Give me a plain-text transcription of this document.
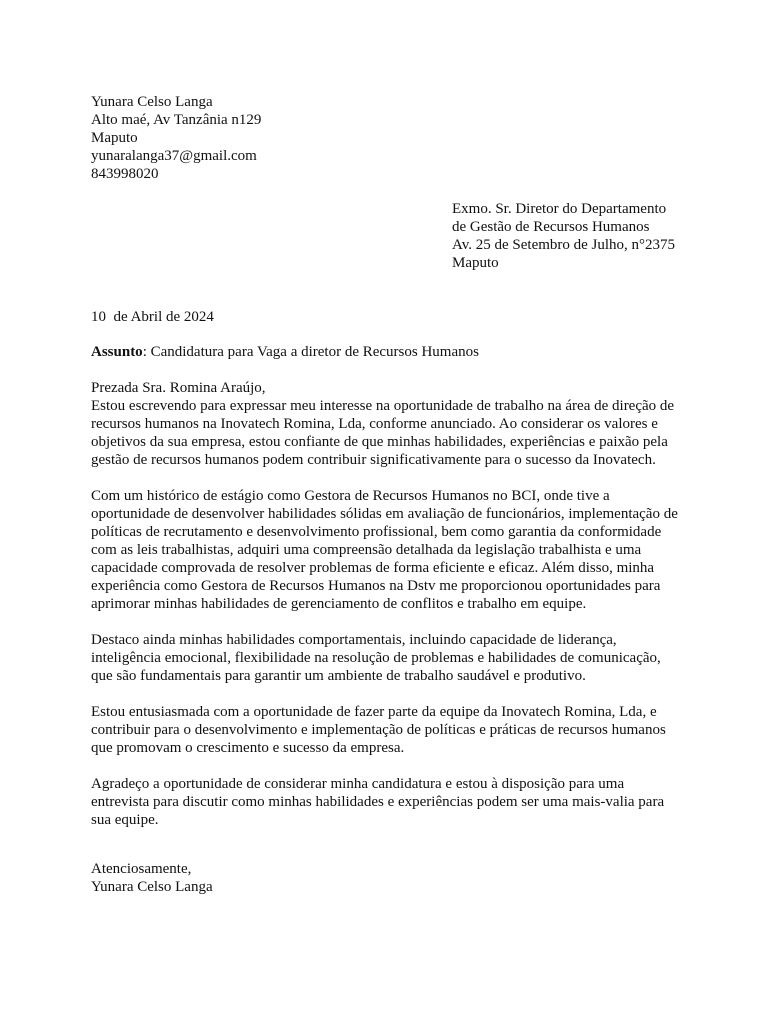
Yunara Celso Langa
Alto maé, Av Tanzânia n129
Maputo
yunaralanga37@gmail.com
843998020
Exmo. Sr. Diretor do Departamento
de Gestão de Recursos Humanos
Av. 25 de Setembro de Julho, n°2375
Maputo
10  de Abril de 2024
Assunto: Candidatura para Vaga a diretor de Recursos Humanos

Prezada Sra. Romina Araújo,
Estou escrevendo para expressar meu interesse na oportunidade de trabalho na área de direção de recursos humanos na Inovatech Romina, Lda, conforme anunciado. Ao considerar os valores e objetivos da sua empresa, estou confiante de que minhas habilidades, experiências e paixão pela gestão de recursos humanos podem contribuir significativamente para o sucesso da Inovatech.

Com um histórico de estágio como Gestora de Recursos Humanos no BCI, onde tive a oportunidade de desenvolver habilidades sólidas em avaliação de funcionários, implementação de políticas de recrutamento e desenvolvimento profissional, bem como garantia da conformidade com as leis trabalhistas, adquiri uma compreensão detalhada da legislação trabalhista e uma capacidade comprovada de resolver problemas de forma eficiente e eficaz. Além disso, minha experiência como Gestora de Recursos Humanos na Dstv me proporcionou oportunidades para aprimorar minhas habilidades de gerenciamento de conflitos e trabalho em equipe.

Destaco ainda minhas habilidades comportamentais, incluindo capacidade de liderança, inteligência emocional, flexibilidade na resolução de problemas e habilidades de comunicação, que são fundamentais para garantir um ambiente de trabalho saudável e produtivo.

Estou entusiasmada com a oportunidade de fazer parte da equipe da Inovatech Romina, Lda, e contribuir para o desenvolvimento e implementação de políticas e práticas de recursos humanos que promovam o crescimento e sucesso da empresa.

Agradeço a oportunidade de considerar minha candidatura e estou à disposição para uma entrevista para discutir como minhas habilidades e experiências podem ser uma mais-valia para sua equipe.

Atenciosamente,
Yunara Celso Langa
